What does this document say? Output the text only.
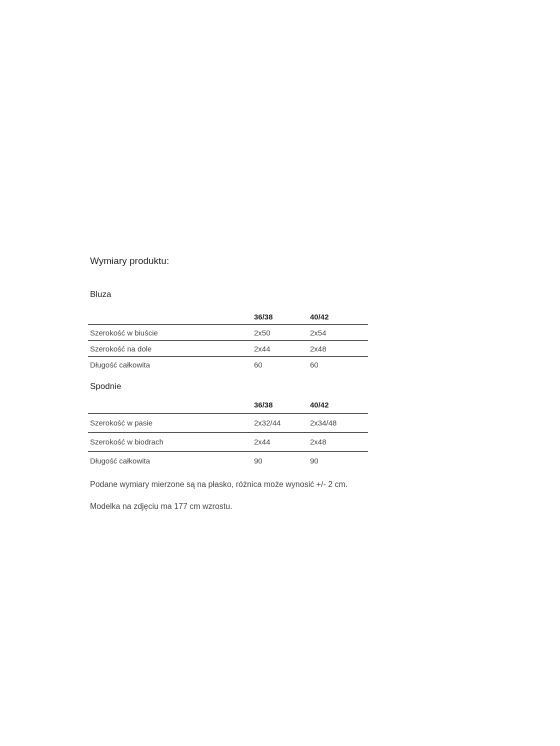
Wymiary produktu:
Bluza
36/38	40/42
Szerokość w biuście	2x50	2x54
Szerokość na dole	2x44	2x48
Długość całkowita	60	60
Spodnie
36/38	40/42
Szerokość w pasie	2x32/44	2x34/48
Szerokość w biodrach	2x44	2x48
Długość całkowita	90	90
Podane wymiary mierzone są na płasko, różnica może wynosić +/- 2 cm.
Modelka na zdjęciu ma 177 cm wzrostu.
